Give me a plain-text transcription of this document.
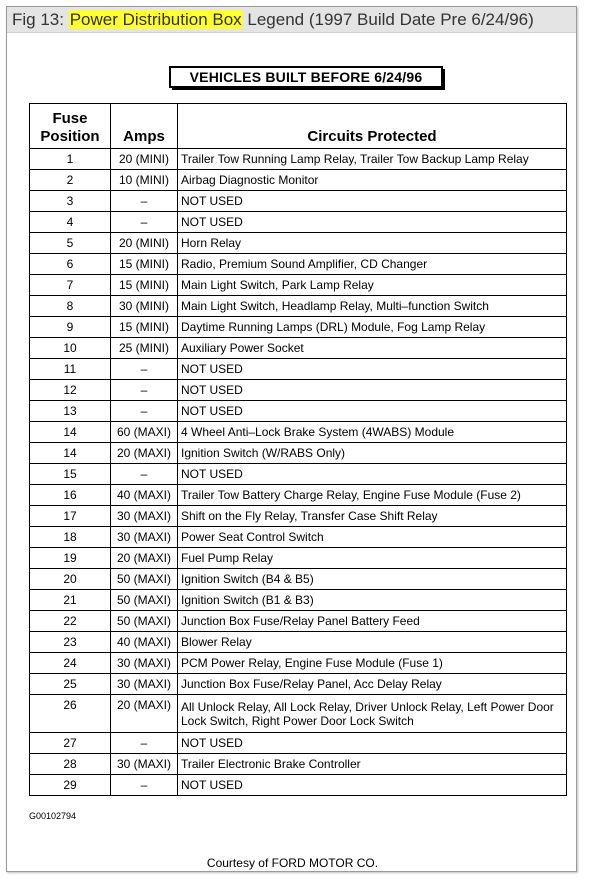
Fig 13: Power Distribution Box Legend (1997 Build Date Pre 6/24/96)
VEHICLES BUILT BEFORE 6/24/96
Fuse
Position	Amps	Circuits Protected
1	20 (MINI)	Trailer Tow Running Lamp Relay, Trailer Tow Backup Lamp Relay
2	10 (MINI)	Airbag Diagnostic Monitor
3	–	NOT USED
4	–	NOT USED
5	20 (MINI)	Horn Relay
6	15 (MINI)	Radio, Premium Sound Amplifier, CD Changer
7	15 (MINI)	Main Light Switch, Park Lamp Relay
8	30 (MINI)	Main Light Switch, Headlamp Relay, Multi–function Switch
9	15 (MINI)	Daytime Running Lamps (DRL) Module, Fog Lamp Relay
10	25 (MINI)	Auxiliary Power Socket
11	–	NOT USED
12	–	NOT USED
13	–	NOT USED
14	60 (MAXI)	4 Wheel Anti–Lock Brake System (4WABS) Module
14	20 (MAXI)	Ignition Switch (W/RABS Only)
15	–	NOT USED
16	40 (MAXI)	Trailer Tow Battery Charge Relay, Engine Fuse Module (Fuse 2)
17	30 (MAXI)	Shift on the Fly Relay, Transfer Case Shift Relay
18	30 (MAXI)	Power Seat Control Switch
19	20 (MAXI)	Fuel Pump Relay
20	50 (MAXI)	Ignition Switch (B4 & B5)
21	50 (MAXI)	Ignition Switch (B1 & B3)
22	50 (MAXI)	Junction Box Fuse/Relay Panel Battery Feed
23	40 (MAXI)	Blower Relay
24	30 (MAXI)	PCM Power Relay, Engine Fuse Module (Fuse 1)
25	30 (MAXI)	Junction Box Fuse/Relay Panel, Acc Delay Relay
26	20 (MAXI)	All Unlock Relay, All Lock Relay, Driver Unlock Relay, Left Power Door Lock Switch, Right Power Door Lock Switch
27	–	NOT USED
28	30 (MAXI)	Trailer Electronic Brake Controller
29	–	NOT USED
G00102794
Courtesy of FORD MOTOR CO.
